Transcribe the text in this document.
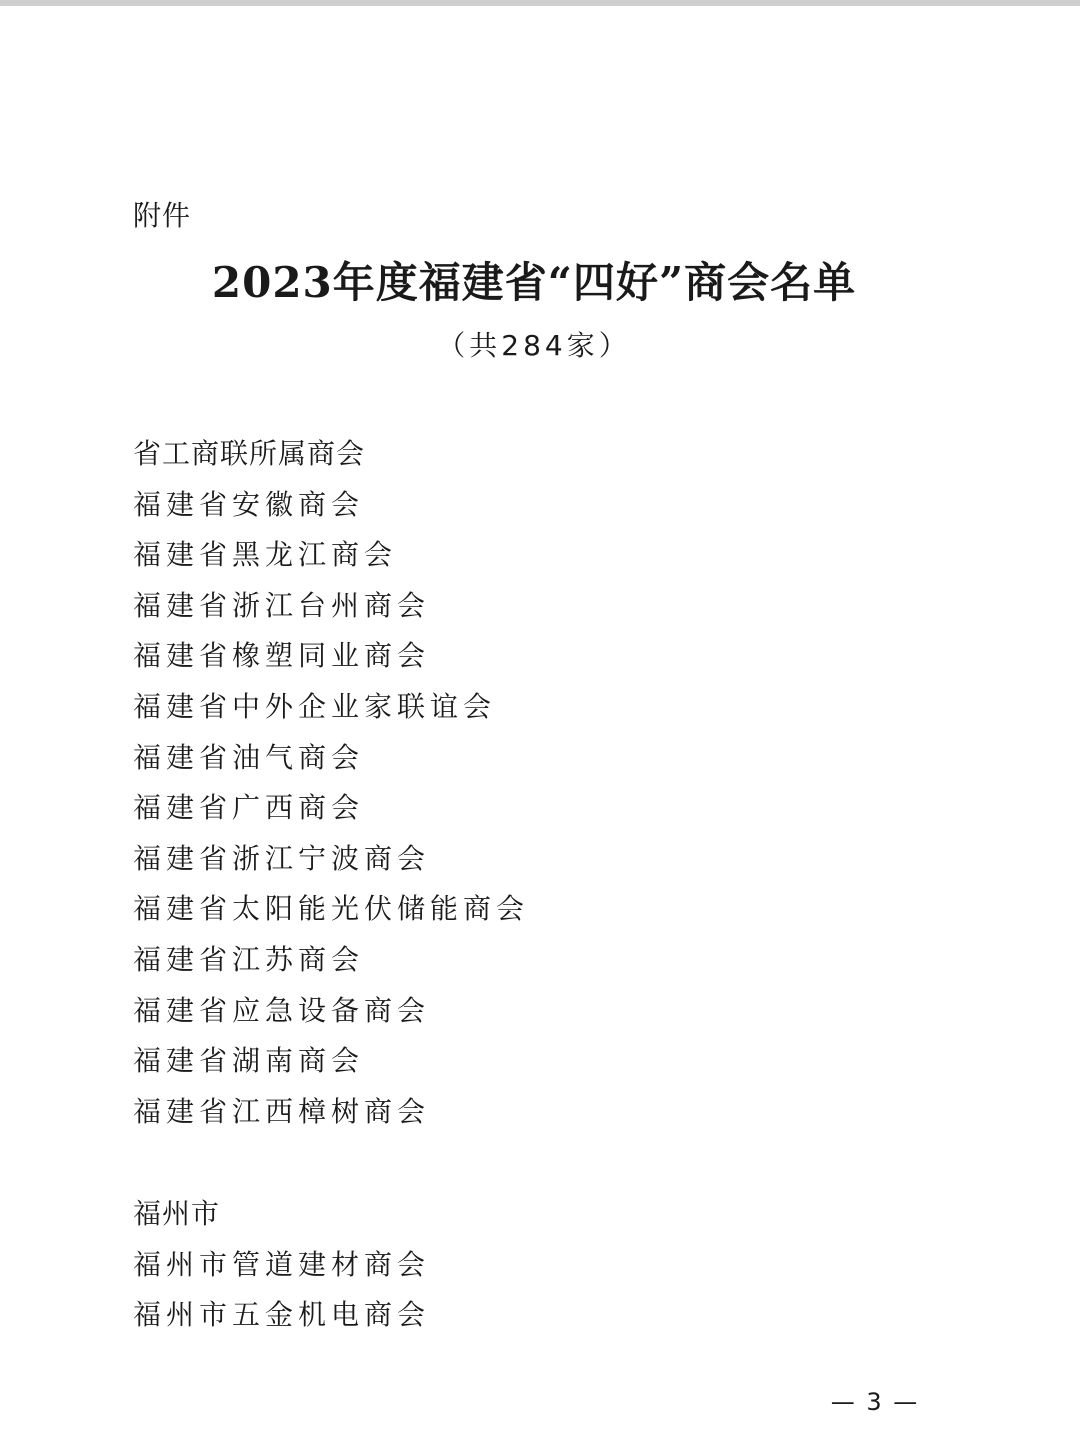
附件
2023年度福建省“四好”商会名单
（共284家）
省工商联所属商会
福建省安徽商会
福建省黑龙江商会
福建省浙江台州商会
福建省橡塑同业商会
福建省中外企业家联谊会
福建省油气商会
福建省广西商会
福建省浙江宁波商会
福建省太阳能光伏储能商会
福建省江苏商会
福建省应急设备商会
福建省湖南商会
福建省江西樟树商会
福州市
福州市管道建材商会
福州市五金机电商会
— 3 —
